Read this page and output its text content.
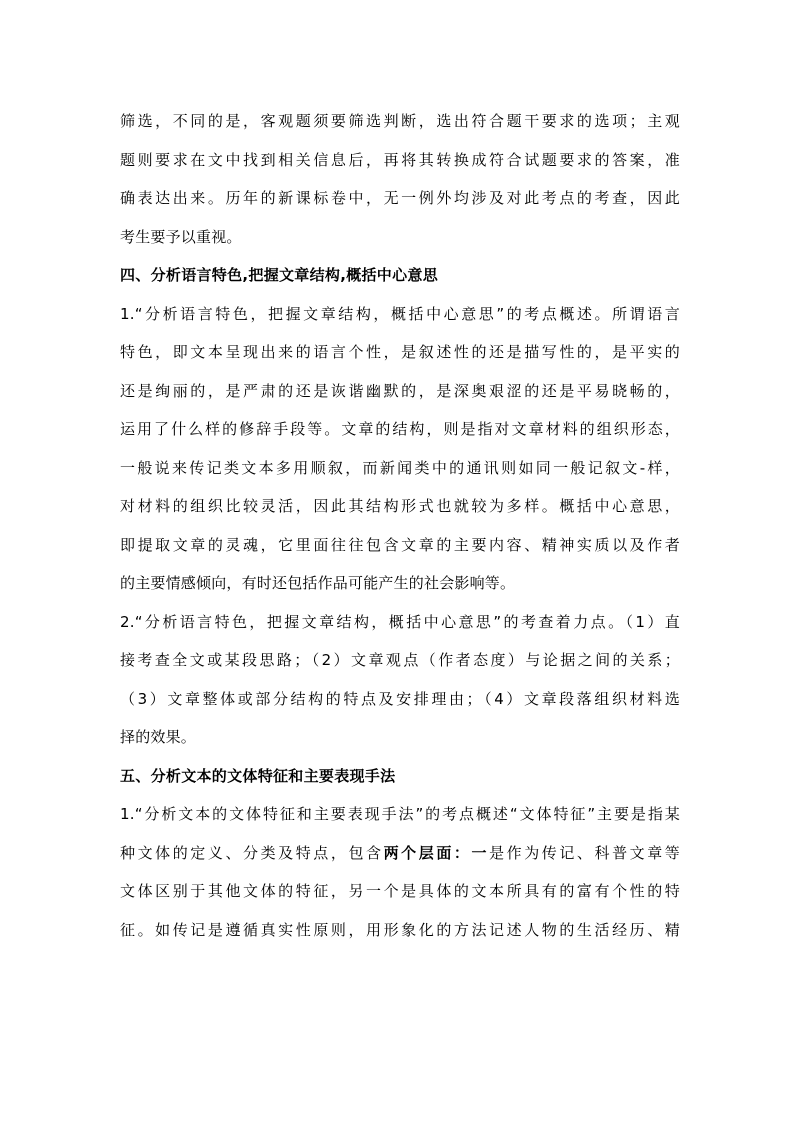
筛选，不同的是，客观题须要筛选判断，选出符合题干要求的选项；主观
题则要求在文中找到相关信息后，再将其转换成符合试题要求的答案，准
确表达出来。历年的新课标卷中，无一例外均涉及对此考点的考查，因此
考生要予以重视。
四、分析语言特色,把握文章结构,概括中心意思
1.“分析语言特色，把握文章结构，概括中心意思”的考点概述。所谓语言
特色，即文本呈现出来的语言个性，是叙述性的还是描写性的，是平实的
还是绚丽的，是严肃的还是诙谐幽默的，是深奥艰涩的还是平易晓畅的，
运用了什么样的修辞手段等。文章的结构，则是指对文章材料的组织形态，
一般说来传记类文本多用顺叙，而新闻类中的通讯则如同一般记叙文-样，
对材料的组织比较灵活，因此其结构形式也就较为多样。概括中心意思，
即提取文章的灵魂，它里面往往包含文章的主要内容、精神实质以及作者
的主要情感倾向，有时还包括作品可能产生的社会影响等。
2.“分析语言特色，把握文章结构，概括中心意思”的考查着力点。（1）直
接考查全文或某段思路；（2）文章观点（作者态度）与论据之间的关系；
（3）文章整体或部分结构的特点及安排理由；（4）文章段落组织材料选
择的效果。
五、分析文本的文体特征和主要表现手法
1.“分析文本的文体特征和主要表现手法”的考点概述“文体特征”主要是指某
种文体的定义、分类及特点，包含两个层面：一是作为传记、科普文章等
文体区别于其他文体的特征，另一个是具体的文本所具有的富有个性的特
征。如传记是遵循真实性原则，用形象化的方法记述人物的生活经历、精
